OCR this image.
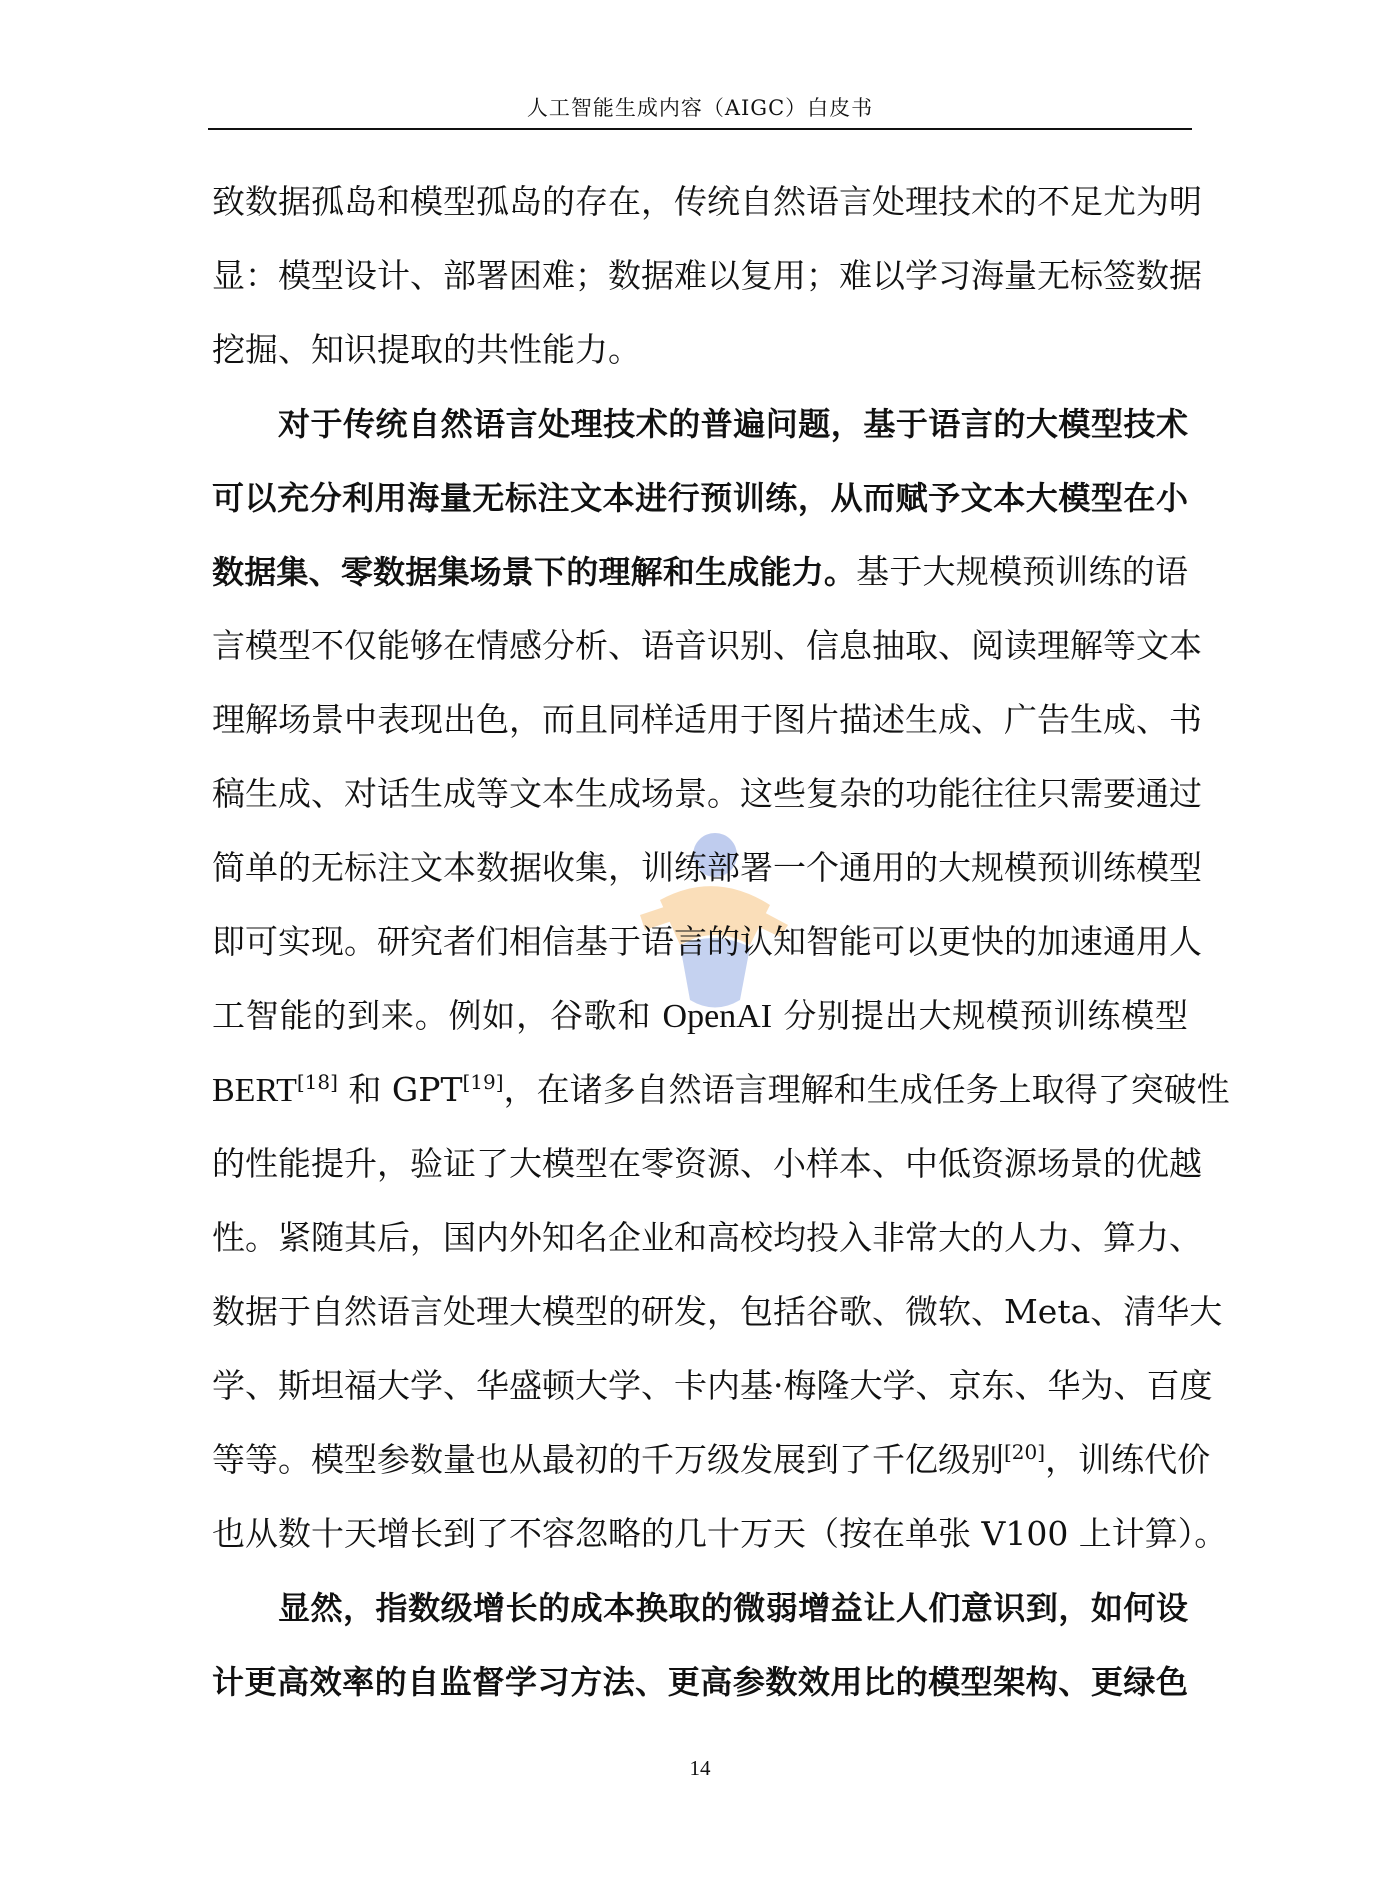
人工智能生成内容（AIGC）白皮书
致数据孤岛和模型孤岛的存在，传统自然语言处理技术的不足尤为明
显：模型设计、部署困难；数据难以复用；难以学习海量无标签数据
挖掘、知识提取的共性能力。
对于传统自然语言处理技术的普遍问题，基于语言的大模型技术
可以充分利用海量无标注文本进行预训练，从而赋予文本大模型在小
数据集、零数据集场景下的理解和生成能力。基于大规模预训练的语
言模型不仅能够在情感分析、语音识别、信息抽取、阅读理解等文本
理解场景中表现出色，而且同样适用于图片描述生成、广告生成、书
稿生成、对话生成等文本生成场景。这些复杂的功能往往只需要通过
简单的无标注文本数据收集，训练部署一个通用的大规模预训练模型
即可实现。研究者们相信基于语言的认知智能可以更快的加速通用人
工智能的到来。例如，谷歌和 OpenAI 分别提出大规模预训练模型
BERT[18] 和 GPT[19]，在诸多自然语言理解和生成任务上取得了突破性
的性能提升，验证了大模型在零资源、小样本、中低资源场景的优越
性。紧随其后，国内外知名企业和高校均投入非常大的人力、算力、
数据于自然语言处理大模型的研发，包括谷歌、微软、Meta、清华大
学、斯坦福大学、华盛顿大学、卡内基·梅隆大学、京东、华为、百度
等等。模型参数量也从最初的千万级发展到了千亿级别[20]，训练代价
也从数十天增长到了不容忽略的几十万天（按在单张 V100 上计算）。
显然，指数级增长的成本换取的微弱增益让人们意识到，如何设
计更高效率的自监督学习方法、更高参数效用比的模型架构、更绿色
14
